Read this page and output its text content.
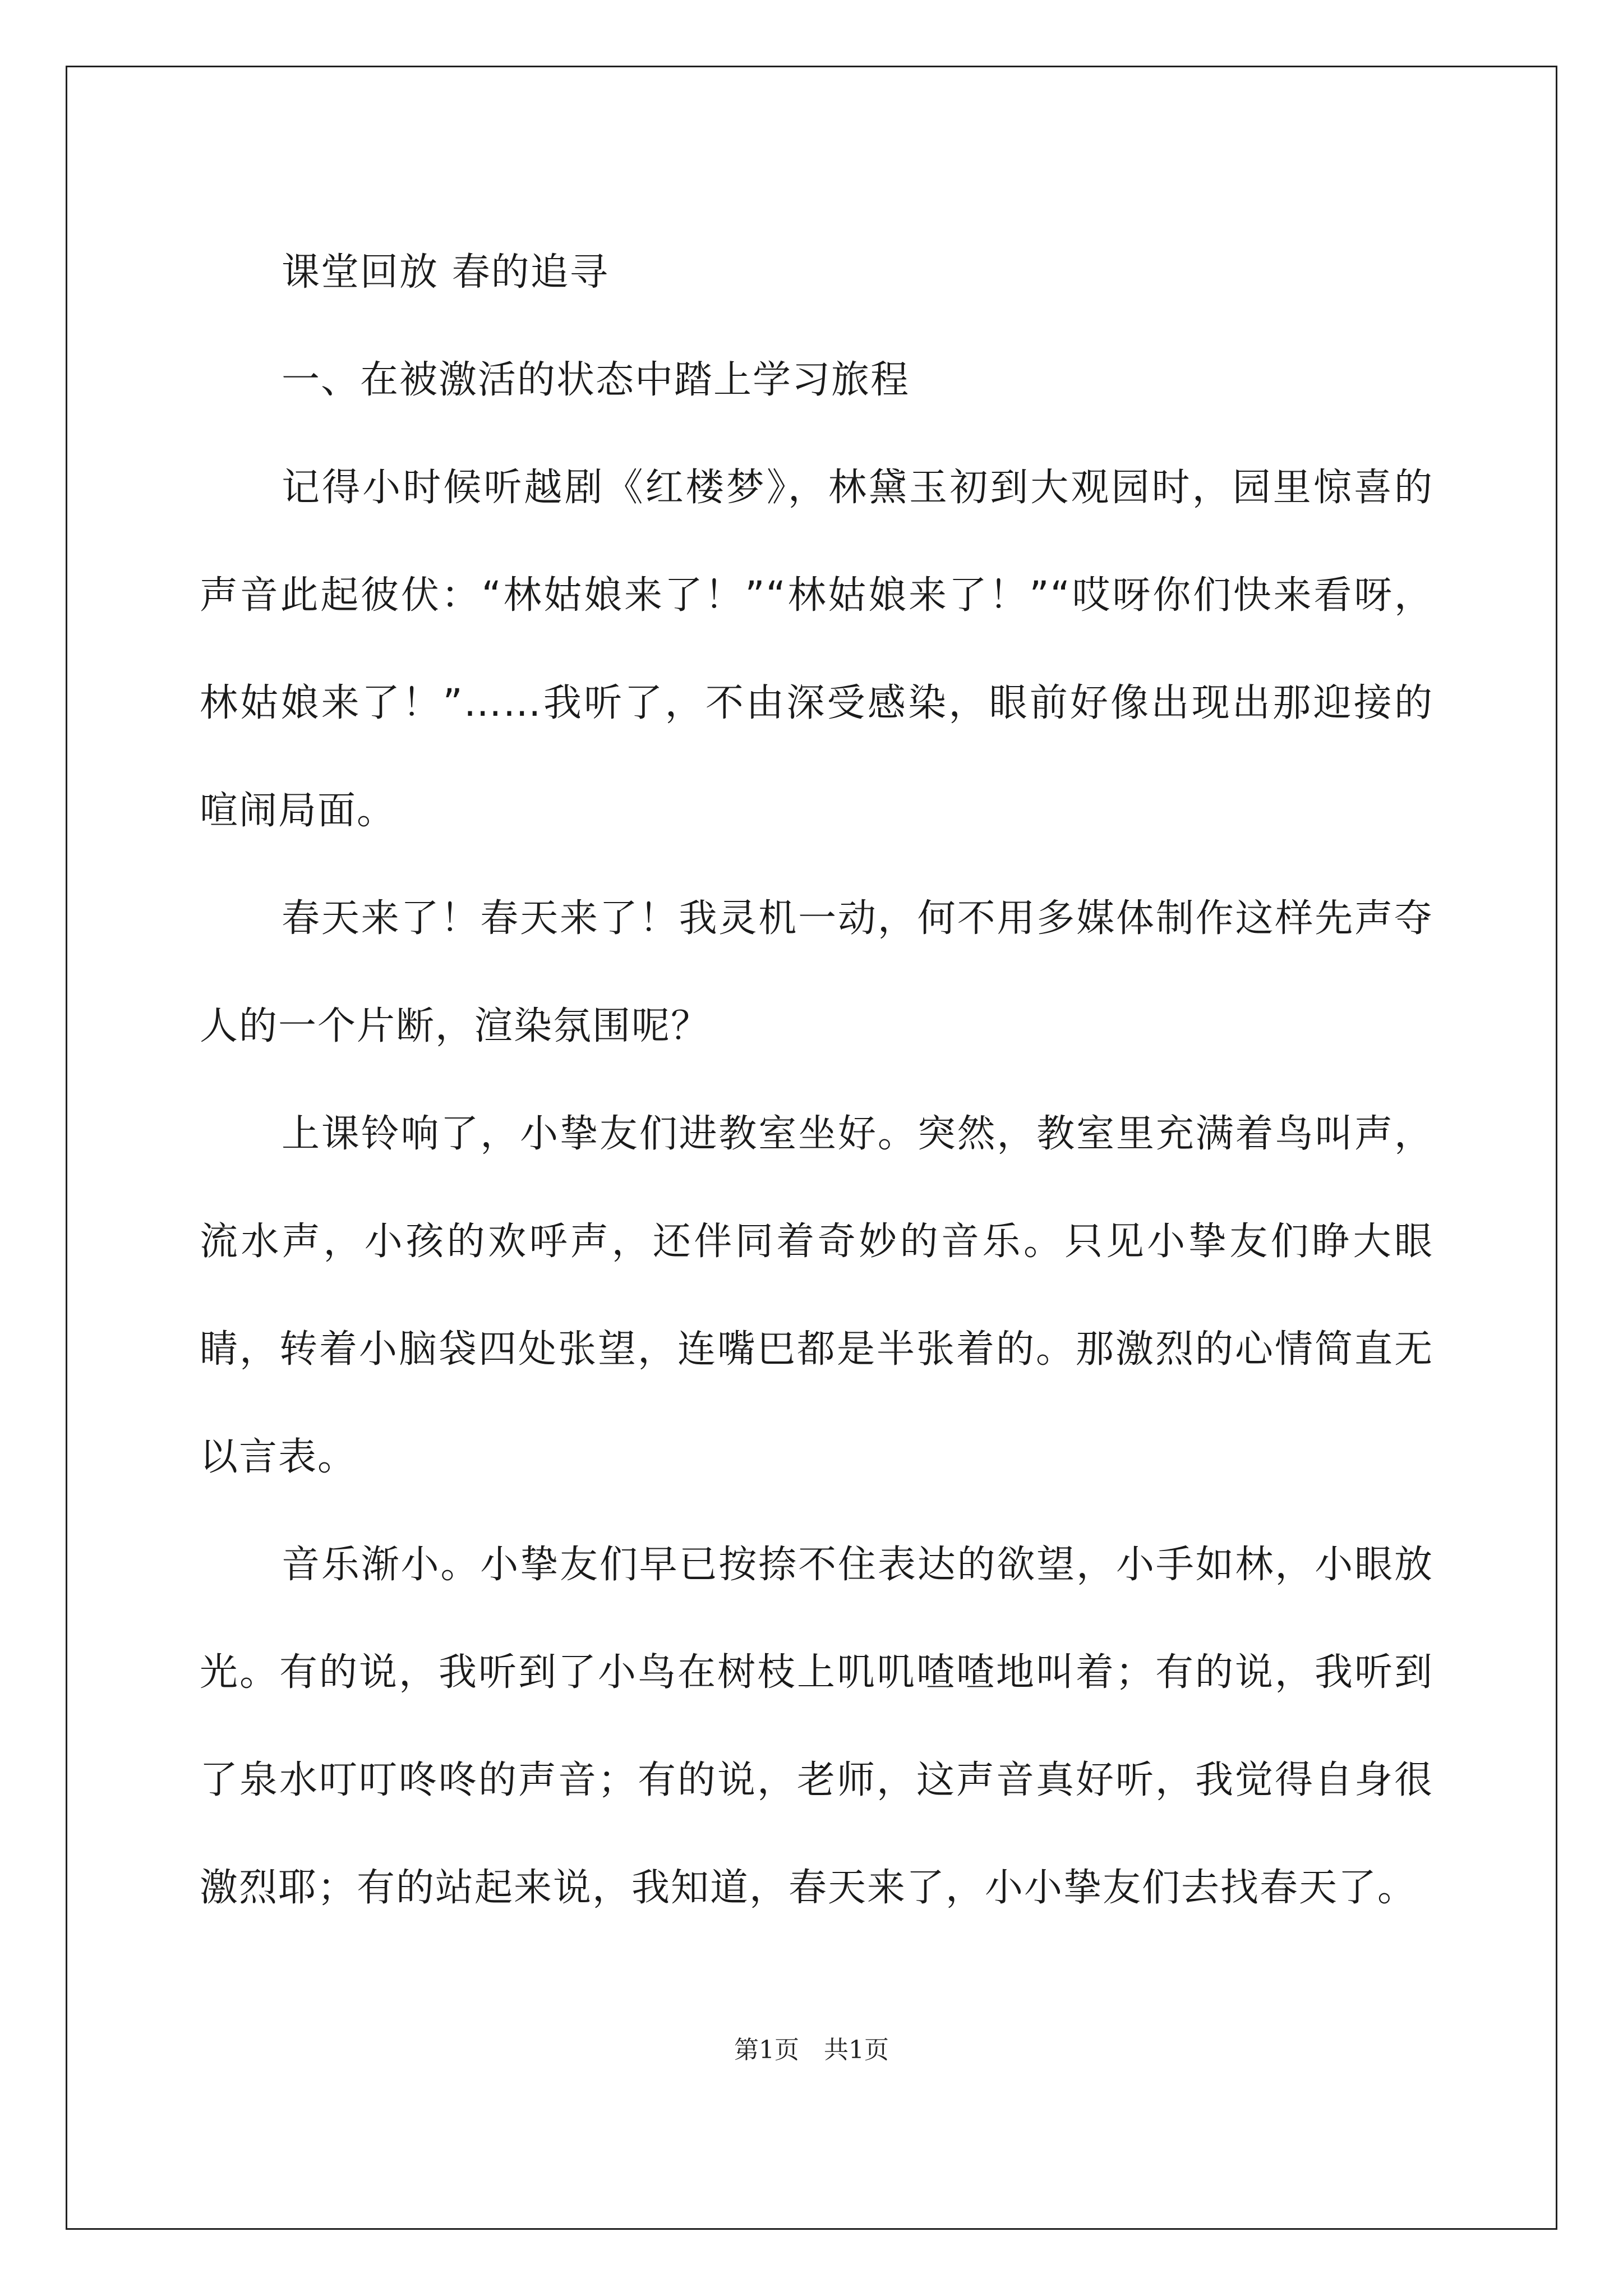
课堂回放 春的追寻

一、在被激活的状态中踏上学习旅程

记得小时候听越剧《红楼梦》，林黛玉初到大观园时，园里惊喜的声音此起彼伏：“林姑娘来了！”“林姑娘来了！”“哎呀你们快来看呀，林姑娘来了！”……我听了，不由深受感染，眼前好像出现出那迎接的喧闹局面。

春天来了！春天来了！我灵机一动，何不用多媒体制作这样先声夺人的一个片断，渲染氛围呢？

上课铃响了，小挚友们进教室坐好。突然，教室里充满着鸟叫声，流水声，小孩的欢呼声，还伴同着奇妙的音乐。只见小挚友们睁大眼睛，转着小脑袋四处张望，连嘴巴都是半张着的。那激烈的心情简直无以言表。

音乐渐小。小挚友们早已按捺不住表达的欲望，小手如林，小眼放光。有的说，我听到了小鸟在树枝上叽叽喳喳地叫着；有的说，我听到了泉水叮叮咚咚的声音；有的说，老师，这声音真好听，我觉得自身很激烈耶；有的站起来说，我知道，春天来了，小小挚友们去找春天了。

第1页　共1页
